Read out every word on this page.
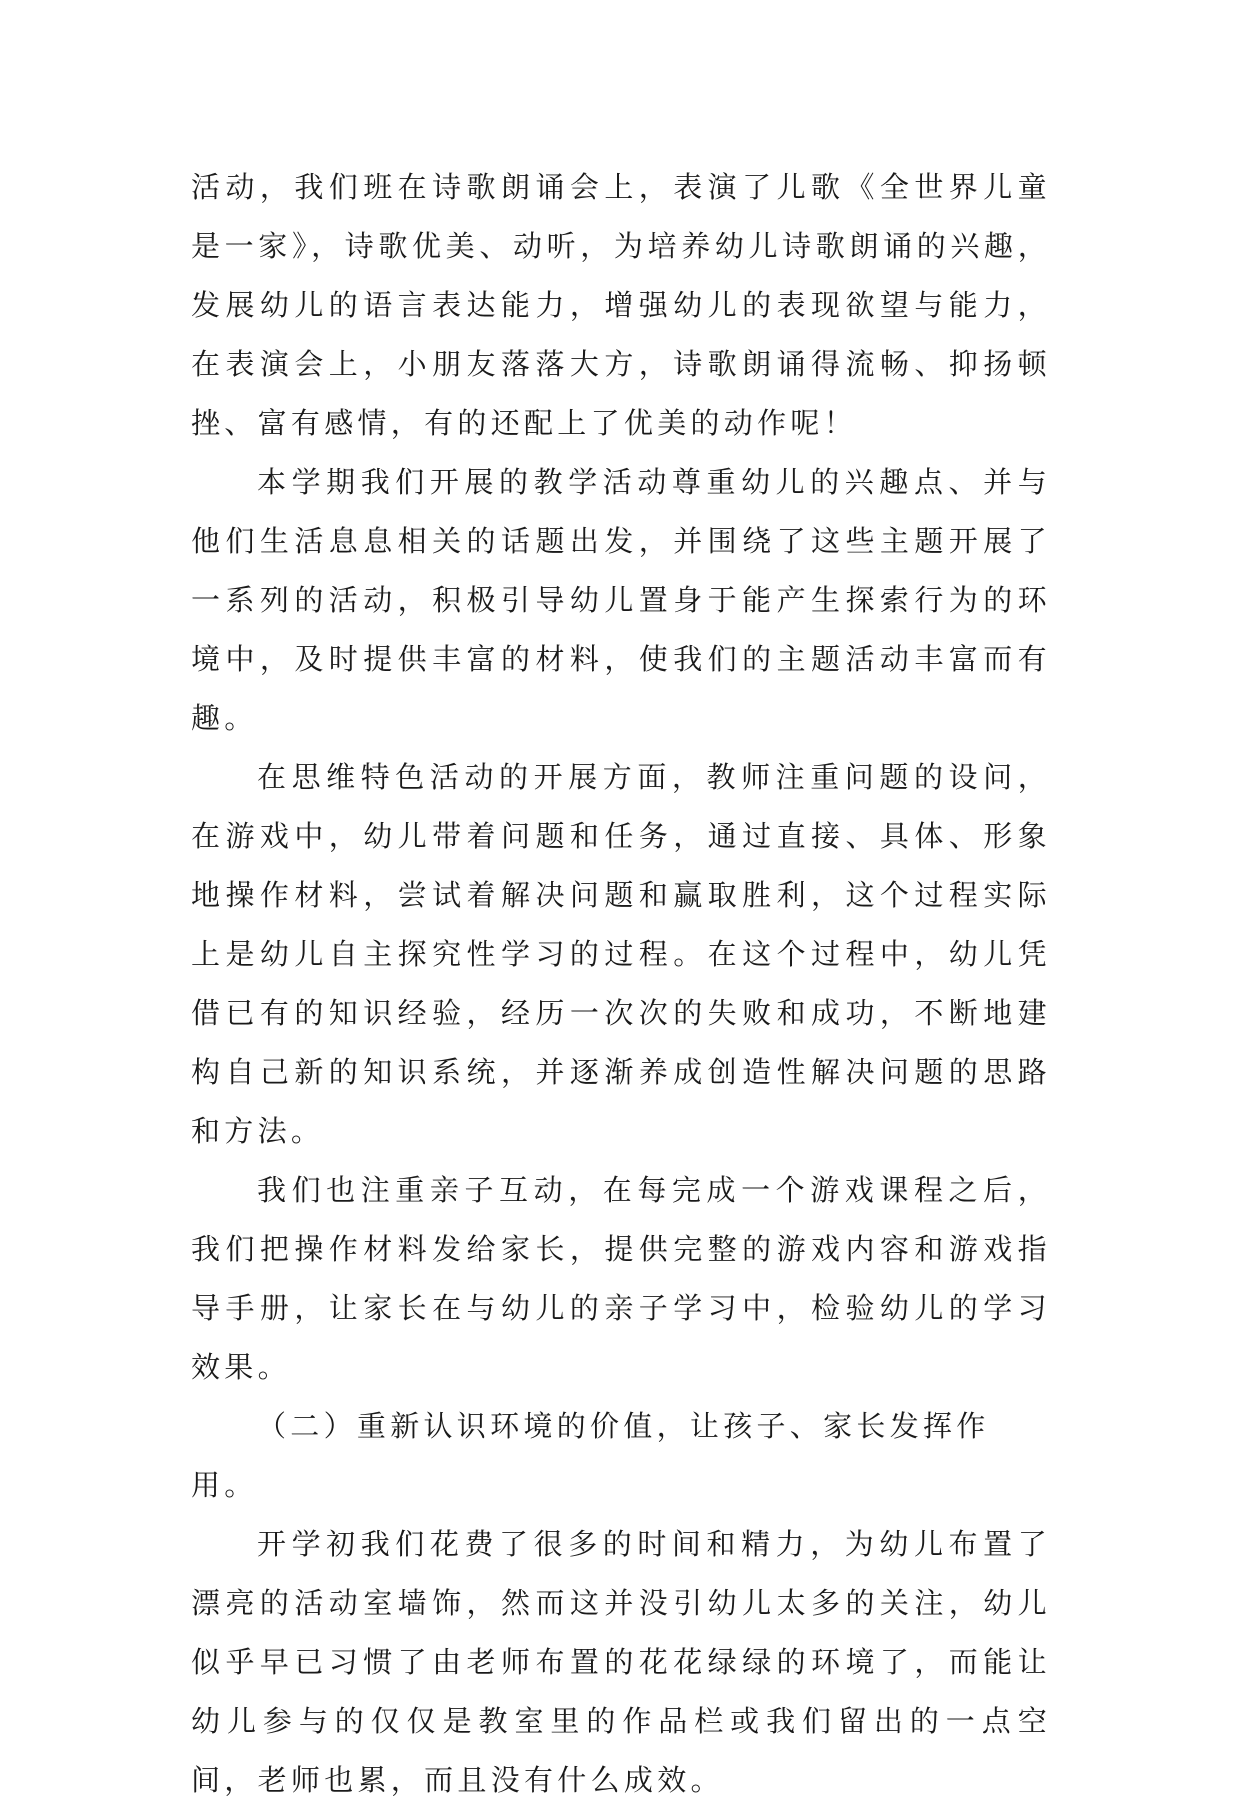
活动，我们班在诗歌朗诵会上，表演了儿歌《全世界儿童是一家》，诗歌优美、动听，为培养幼儿诗歌朗诵的兴趣，发展幼儿的语言表达能力，增强幼儿的表现欲望与能力，在表演会上，小朋友落落大方，诗歌朗诵得流畅、抑扬顿挫、富有感情，有的还配上了优美的动作呢！

本学期我们开展的教学活动尊重幼儿的兴趣点、并与他们生活息息相关的话题出发，并围绕了这些主题开展了一系列的活动，积极引导幼儿置身于能产生探索行为的环境中，及时提供丰富的材料，使我们的主题活动丰富而有趣。

在思维特色活动的开展方面，教师注重问题的设问，在游戏中，幼儿带着问题和任务，通过直接、具体、形象地操作材料，尝试着解决问题和赢取胜利，这个过程实际上是幼儿自主探究性学习的过程。在这个过程中，幼儿凭借已有的知识经验，经历一次次的失败和成功，不断地建构自己新的知识系统，并逐渐养成创造性解决问题的思路和方法。

我们也注重亲子互动，在每完成一个游戏课程之后，我们把操作材料发给家长，提供完整的游戏内容和游戏指导手册，让家长在与幼儿的亲子学习中，检验幼儿的学习效果。

（二）重新认识环境的价值，让孩子、家长发挥作用。

开学初我们花费了很多的时间和精力，为幼儿布置了漂亮的活动室墙饰，然而这并没引幼儿太多的关注，幼儿似乎早已习惯了由老师布置的花花绿绿的环境了，而能让幼儿参与的仅仅是教室里的作品栏或我们留出的一点空间，老师也累，而且没有什么成效。
